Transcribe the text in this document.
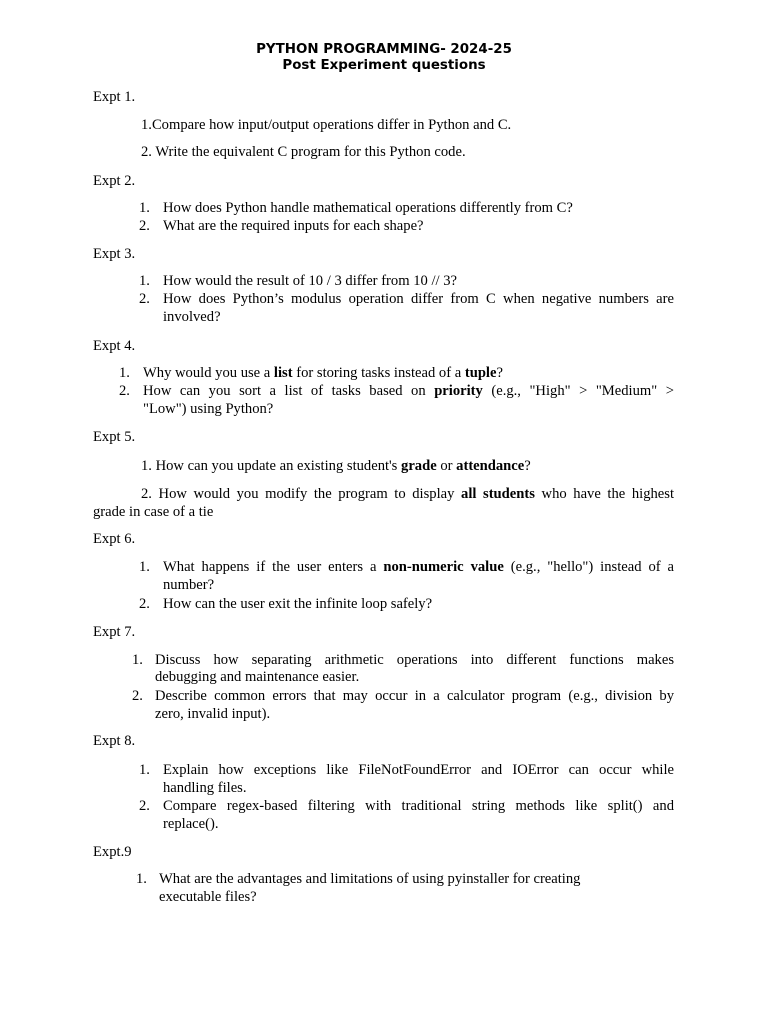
PYTHON PROGRAMMING- 2024-25
Post Experiment questions
Expt 1.
1.Compare how input/output operations differ in Python and C.
2. Write the equivalent C program for this Python code.
Expt 2.
1. How does Python handle mathematical operations differently from C?
2. What are the required inputs for each shape?
Expt 3.
1. How would the result of 10 / 3 differ from 10 // 3?
2. How does Python’s modulus operation differ from C when negative numbers are
involved?
Expt 4.
1. Why would you use a list for storing tasks instead of a tuple?
2. How can you sort a list of tasks based on priority (e.g., "High" > "Medium" >
"Low") using Python?
Expt 5.
1. How can you update an existing student's grade or attendance?
2. How would you modify the program to display all students who have the highest
grade in case of a tie
Expt 6.
1. What happens if the user enters a non-numeric value (e.g., "hello") instead of a
number?
2. How can the user exit the infinite loop safely?
Expt 7.
1. Discuss how separating arithmetic operations into different functions makes
debugging and maintenance easier.
2. Describe common errors that may occur in a calculator program (e.g., division by
zero, invalid input).
Expt 8.
1. Explain how exceptions like FileNotFoundError and IOError can occur while
handling files.
2. Compare regex-based filtering with traditional string methods like split() and
replace().
Expt.9
1. What are the advantages and limitations of using pyinstaller for creating
executable files?
